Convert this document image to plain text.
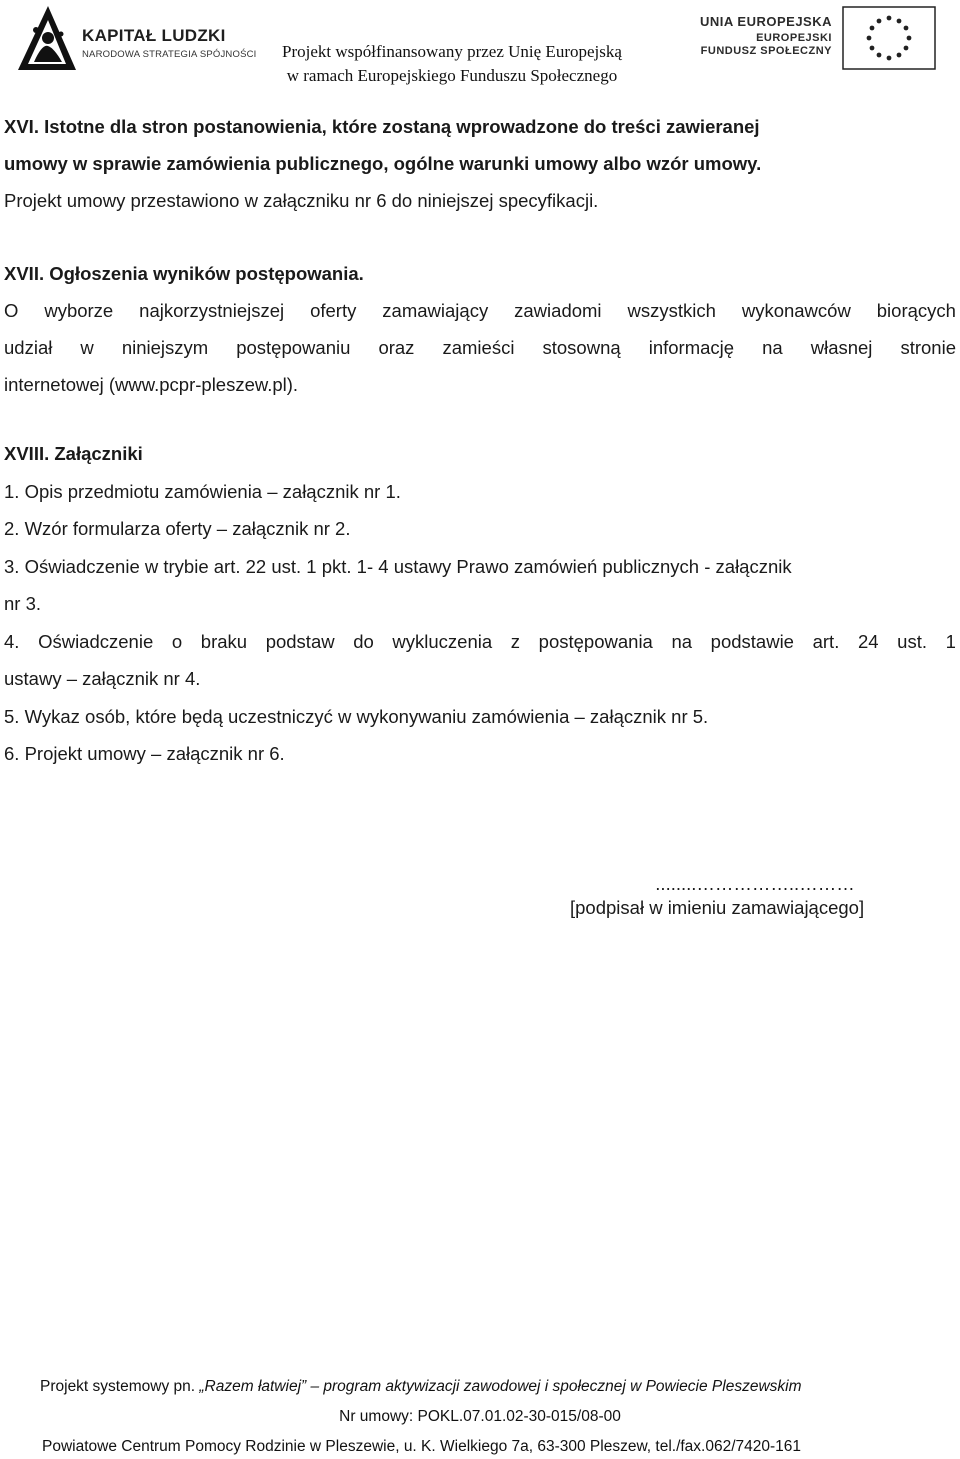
KAPITAŁ LUDZKI
NARODOWA STRATEGIA SPÓJNOŚCI Projekt współfinansowany przez Unię Europejską
w ramach Europejskiego Funduszu Społecznego
UNIA EUROPEJSKA
EUROPEJSKI
FUNDUSZ SPOŁECZNY

XVI. Istotne dla stron postanowienia, które zostaną wprowadzone do treści zawieranej

umowy w sprawie zamówienia publicznego, ogólne warunki umowy albo wzór umowy.

Projekt umowy przestawiono w załączniku nr 6 do niniejszej specyfikacji.

XVII. Ogłoszenia wyników postępowania.

O wyborze najkorzystniejszej oferty zamawiający zawiadomi wszystkich wykonawców biorących

udział w niniejszym postępowaniu oraz zamieści stosowną informację na własnej stronie

internetowej (www.pcpr-pleszew.pl).

XVIII. Załączniki

1. Opis przedmiotu zamówienia – załącznik nr 1.

2. Wzór formularza oferty – załącznik nr 2.

3. Oświadczenie w trybie art. 22 ust. 1 pkt. 1- 4 ustawy Prawo zamówień publicznych - załącznik

nr 3.

4. Oświadczenie o braku podstaw do wykluczenia z postępowania na podstawie art. 24 ust. 1

ustawy – załącznik nr 4.

5. Wykaz osób, które będą uczestniczyć w wykonywaniu zamówienia – załącznik nr 5.

6. Projekt umowy – załącznik nr 6.

........……………..………
[podpisał w imieniu zamawiającego]
Projekt systemowy pn. „Razem łatwiej” – program aktywizacji zawodowej i społecznej w Powiecie Pleszewskim
Nr umowy: POKL.07.01.02-30-015/08-00
Powiatowe Centrum Pomocy Rodzinie w Pleszewie, u. K. Wielkiego 7a, 63-300 Pleszew, tel./fax.062/7420-161
